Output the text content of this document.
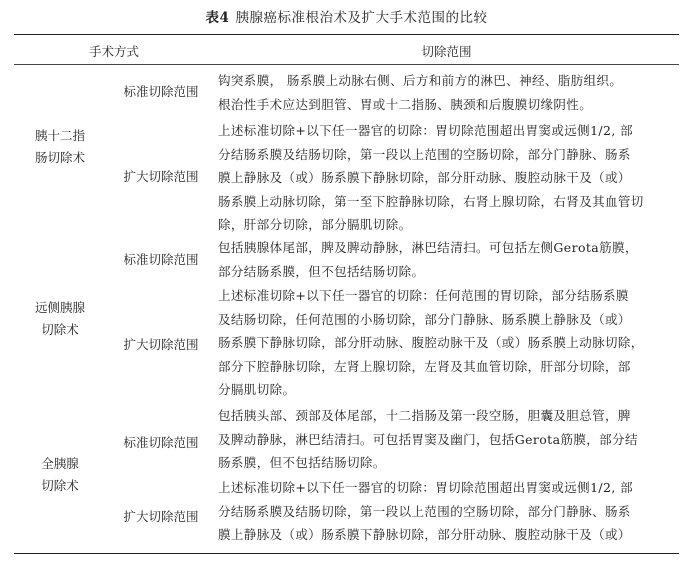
表4 胰腺癌标准根治术及扩大手术范围的比较
手术方式	切除范围
胰十二指
肠切除术
标准切除范围
钩突系膜， 肠系膜上动脉右侧、后方和前方的淋巴、神经、脂肪组织。
根治性手术应达到胆管、胃或十二指肠、胰颈和后腹膜切缘阴性。
扩大切除范围
上述标准切除+以下任一器官的切除：胃切除范围超出胃窦或远侧1/2, 部
分结肠系膜及结肠切除，第一段以上范围的空肠切除，部分门静脉、肠系
膜上静脉及（或）肠系膜下静脉切除，部分肝动脉、腹腔动脉干及（或）
肠系膜上动脉切除，第一至下腔静脉切除，右肾上腺切除，右肾及其血管切
除，肝部分切除，部分膈肌切除。
远侧胰腺
切除术
标准切除范围
包括胰腺体尾部，脾及脾动静脉，淋巴结清扫。可包括左侧Gerota筋膜，
部分结肠系膜，但不包括结肠切除。
扩大切除范围
上述标准切除+以下任一器官的切除：任何范围的胃切除，部分结肠系膜
及结肠切除，任何范围的小肠切除，部分门静脉、肠系膜上静脉及（或）
肠系膜下静脉切除，部分肝动脉、腹腔动脉干及（或）肠系膜上动脉切除，
部分下腔静脉切除，左肾上腺切除，左肾及其血管切除，肝部分切除，部
分膈肌切除。
全胰腺
切除术
标准切除范围
包括胰头部、颈部及体尾部，十二指肠及第一段空肠，胆囊及胆总管，脾
及脾动静脉，淋巴结清扫。可包括胃窦及幽门，包括Gerota筋膜，部分结
肠系膜，但不包括结肠切除。
扩大切除范围
上述标准切除+以下任一器官的切除：胃切除范围超出胃窦或远侧1/2, 部
分结肠系膜及结肠切除，第一段以上范围的空肠切除，部分门静脉、肠系
膜上静脉及（或）肠系膜下静脉切除，部分肝动脉、腹腔动脉干及（或）
